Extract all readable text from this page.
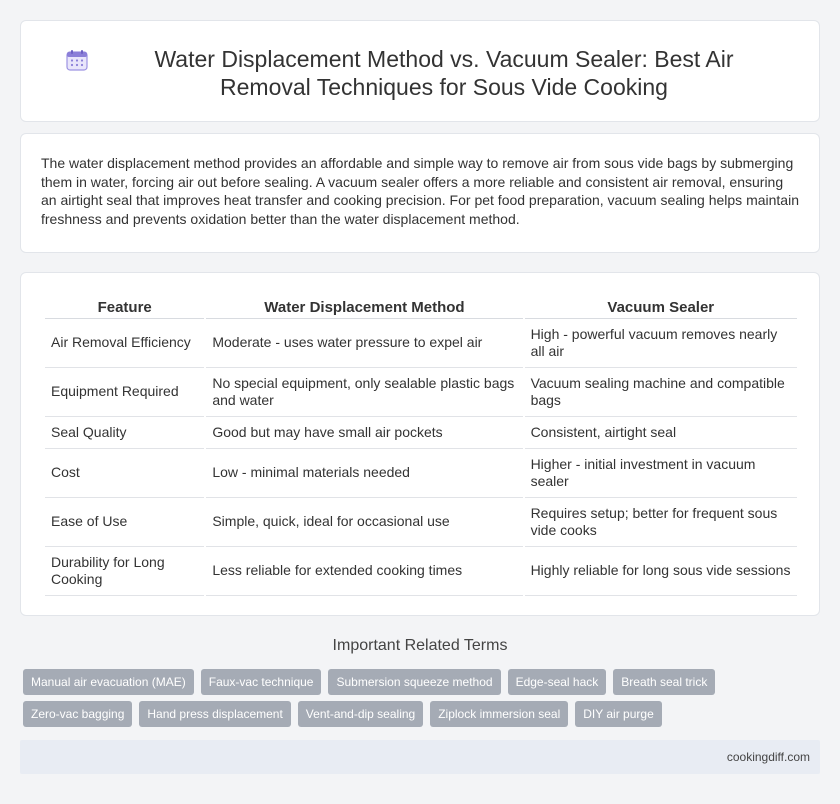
Water Displacement Method vs. Vacuum Sealer: Best Air Removal Techniques for Sous Vide Cooking

The water displacement method provides an affordable and simple way to remove air from sous vide bags by submerging them in water, forcing air out before sealing. A vacuum sealer offers a more reliable and consistent air removal, ensuring an airtight seal that improves heat transfer and cooking precision. For pet food preparation, vacuum sealing helps maintain freshness and prevents oxidation better than the water displacement method.

Feature	Water Displacement Method	Vacuum Sealer
Air Removal Efficiency	Moderate - uses water pressure to expel air	High - powerful vacuum removes nearly all air
Equipment Required	No special equipment, only sealable plastic bags and water	Vacuum sealing machine and compatible bags
Seal Quality	Good but may have small air pockets	Consistent, airtight seal
Cost	Low - minimal materials needed	Higher - initial investment in vacuum sealer
Ease of Use	Simple, quick, ideal for occasional use	Requires setup; better for frequent sous vide cooks
Durability for Long Cooking	Less reliable for extended cooking times	Highly reliable for long sous vide sessions
Important Related Terms
Manual air evacuation (MAE)	Faux-vac technique	Submersion squeeze method	Edge-seal hack	Breath seal trick
Zero-vac bagging	Hand press displacement	Vent-and-dip sealing	Ziplock immersion seal	DIY air purge
cookingdiff.com
